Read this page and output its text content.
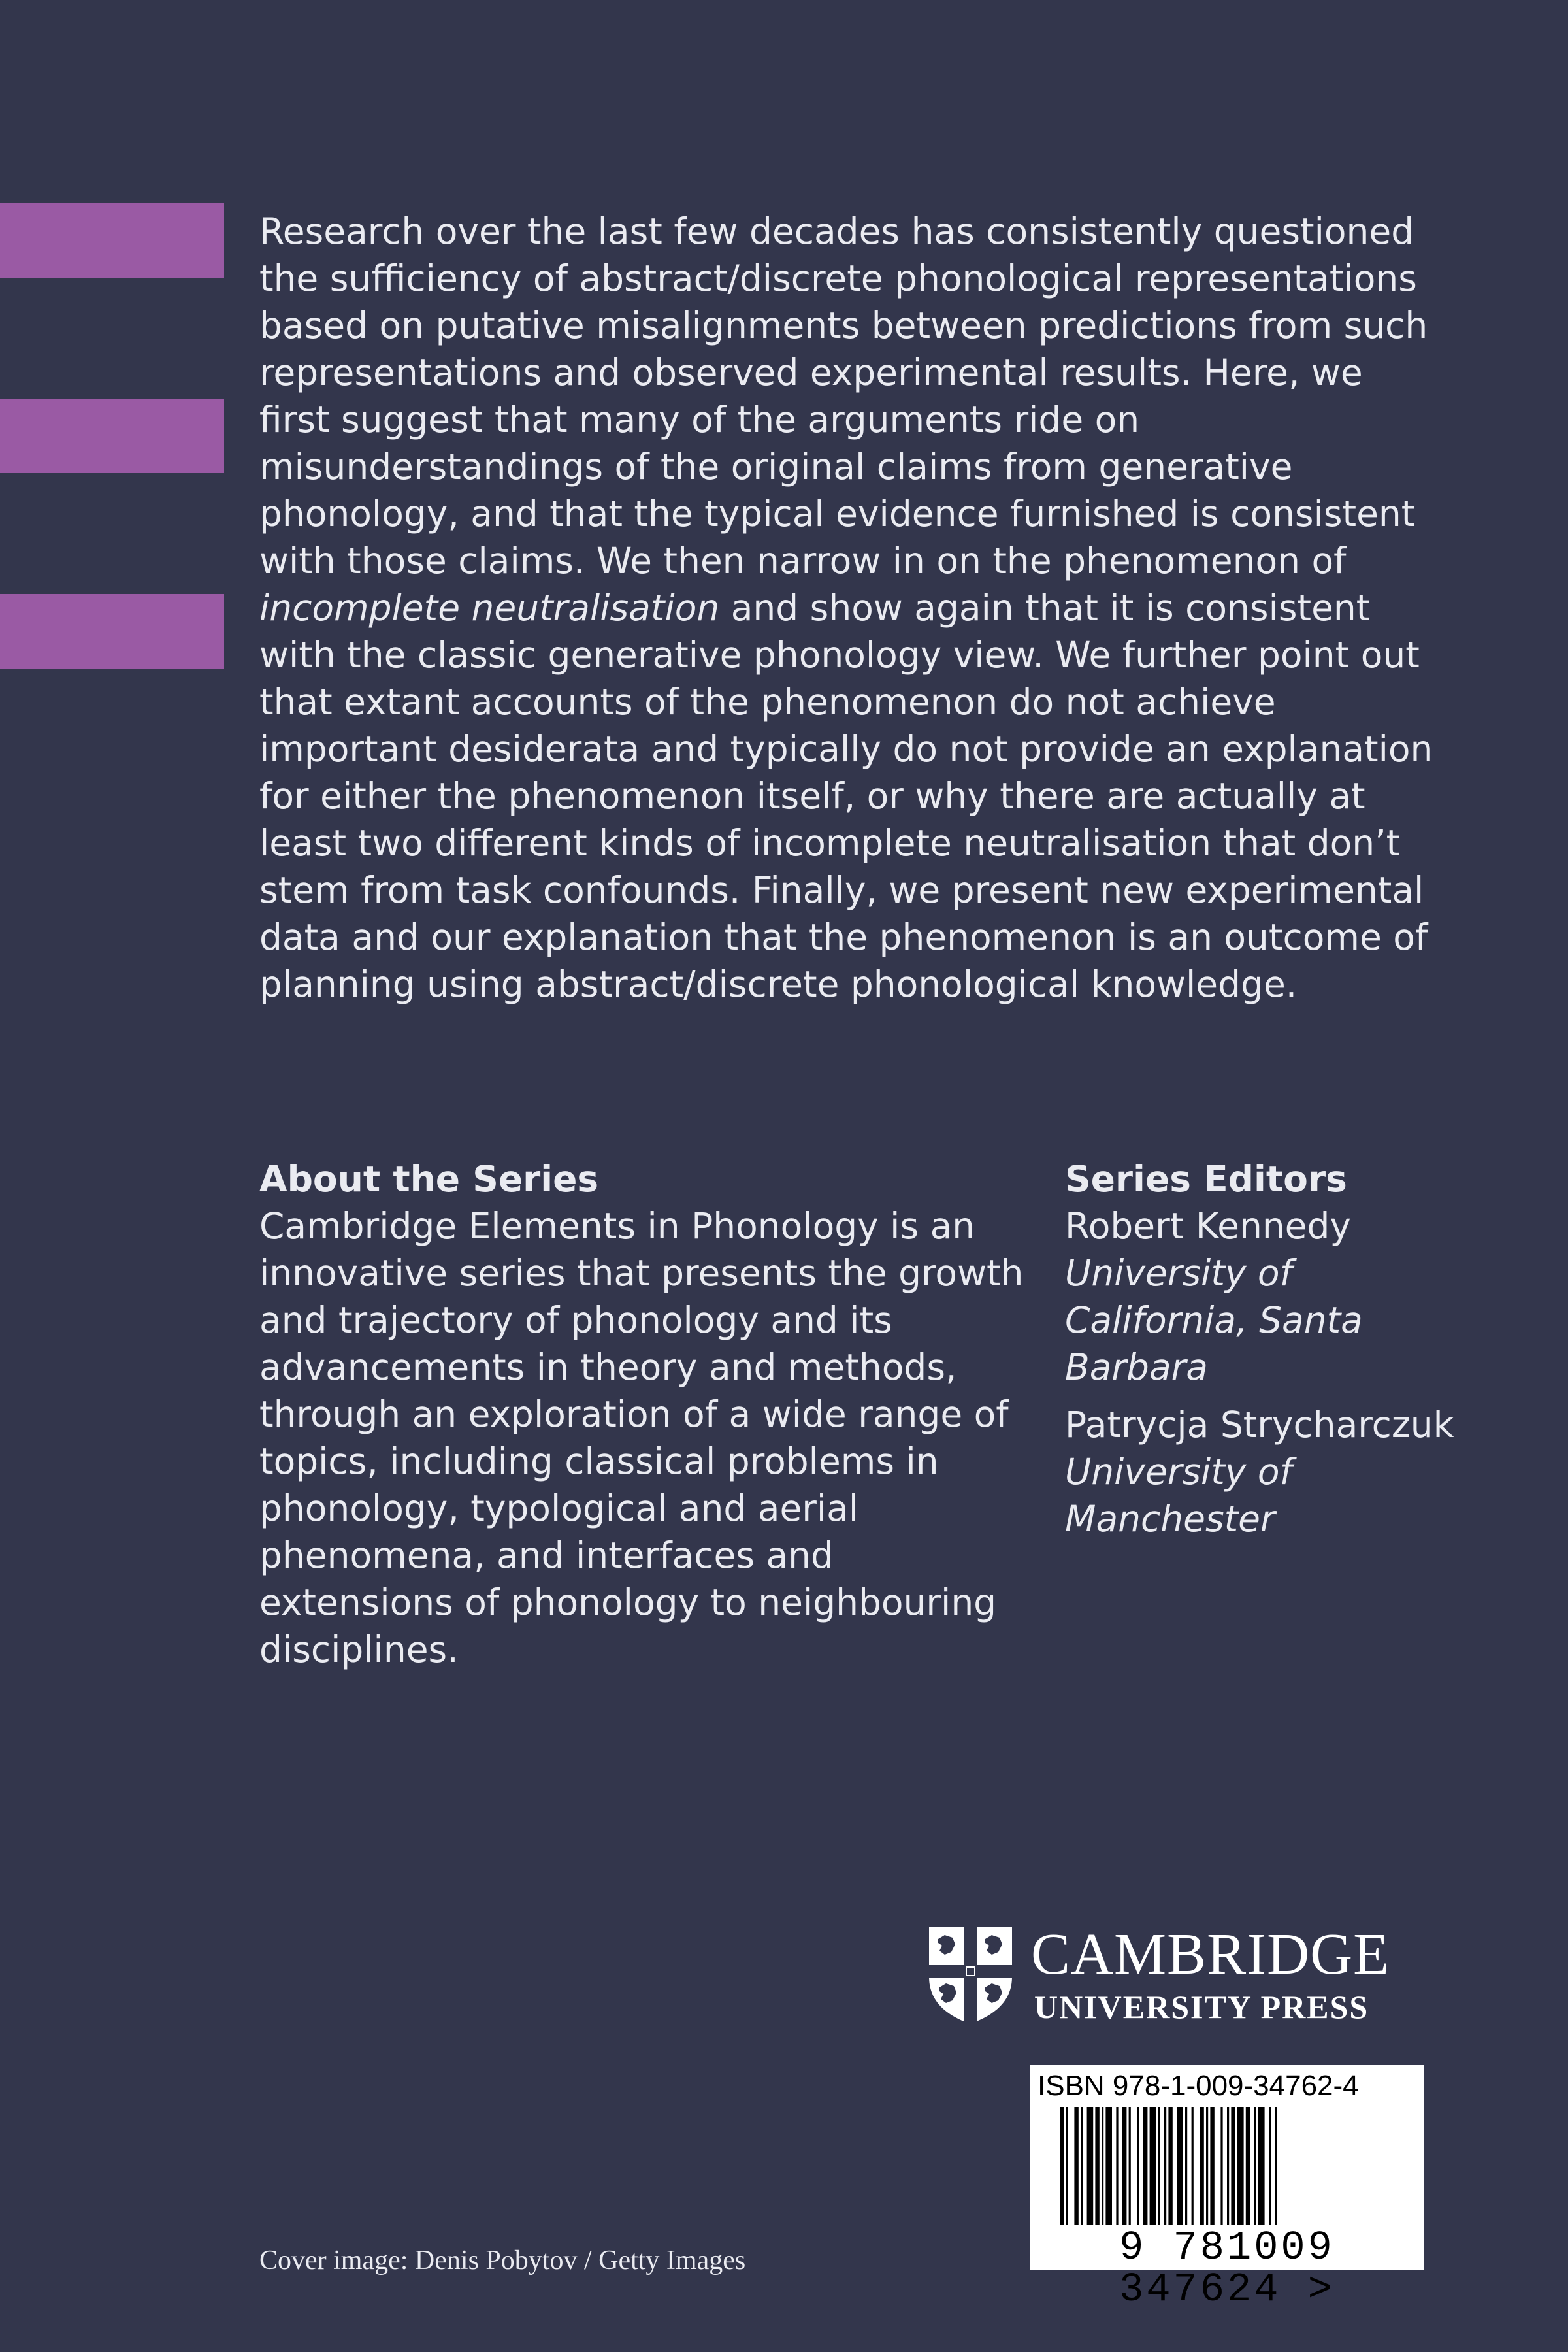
Research over the last few decades has consistently questioned the sufficiency of abstract/discrete phonological representations based on putative misalignments between predictions from such representations and observed experimental results. Here, we first suggest that many of the arguments ride on misunderstandings of the original claims from generative phonology, and that the typical evidence furnished is consistent with those claims. We then narrow in on the phenomenon of incomplete neutralisation and show again that it is consistent with the classic generative phonology view. We further point out that extant accounts of the phenomenon do not achieve important desiderata and typically do not provide an explanation for either the phenomenon itself, or why there are actually at least two different kinds of incomplete neutralisation that don’t stem from task confounds. Finally, we present new experimental data and our explanation that the phenomenon is an outcome of planning using abstract/discrete phonological knowledge.

About the Series

Cambridge Elements in Phonology is an innovative series that presents the growth and trajectory of phonology and its advancements in theory and methods, through an exploration of a wide range of topics, including classical problems in phonology, typological and aerial phenomena, and interfaces and extensions of phonology to neighbouring disciplines.

Series Editors

Robert Kennedy
University of California, Santa Barbara
Patrycja Strycharczuk
University of Manchester
CAMBRIDGE
UNIVERSITY PRESS
ISBN 978-1-009-34762-4
9 781009 347624 >
Cover image: Denis Pobytov / Getty Images
